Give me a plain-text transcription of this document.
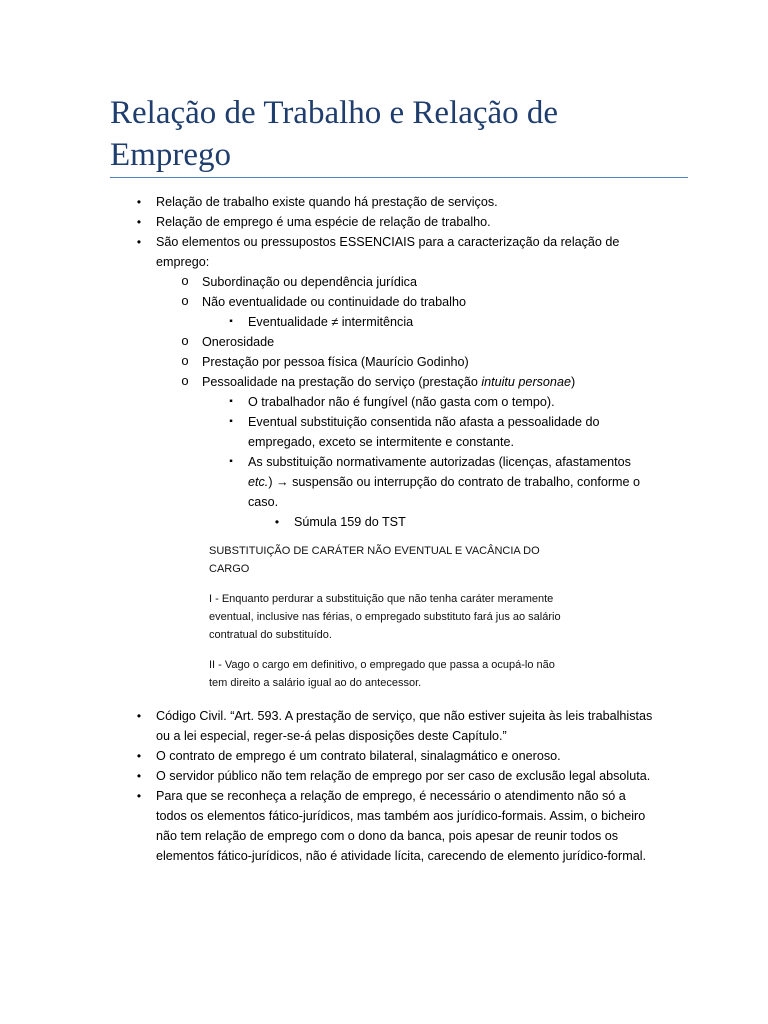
Relação de Trabalho e Relação de Emprego
•	Relação de trabalho existe quando há prestação de serviços.
•	Relação de emprego é uma espécie de relação de trabalho.
•	São elementos ou pressupostos ESSENCIAIS para a caracterização da relação de emprego:
o Subordinação ou dependência jurídica
o Não eventualidade ou continuidade do trabalho
▪	Eventualidade ≠ intermitência
o Onerosidade
o Prestação por pessoa física (Maurício Godinho)
o Pessoalidade na prestação do serviço (prestação intuitu personae)
▪	O trabalhador não é fungível (não gasta com o tempo).
▪	Eventual substituição consentida não afasta a pessoalidade do empregado, exceto se intermitente e constante.
▪	As substituição normativamente autorizadas (licenças, afastamentos etc.) → suspensão ou interrupção do contrato de trabalho, conforme o caso.
•	Súmula 159 do TST

SUBSTITUIÇÃO DE CARÁTER NÃO EVENTUAL E VACÂNCIA DO CARGO

I - Enquanto perdurar a substituição que não tenha caráter meramente eventual, inclusive nas férias, o empregado substituto fará jus ao salário contratual do substituído.

II - Vago o cargo em definitivo, o empregado que passa a ocupá-lo não tem direito a salário igual ao do antecessor.

•	Código Civil. “Art. 593. A prestação de serviço, que não estiver sujeita às leis trabalhistas ou a lei especial, reger-se-á pelas disposições deste Capítulo.”
•	O contrato de emprego é um contrato bilateral, sinalagmático e oneroso.
•	O servidor público não tem relação de emprego por ser caso de exclusão legal absoluta.
•	Para que se reconheça a relação de emprego, é necessário o atendimento não só a todos os elementos fático-jurídicos, mas também aos jurídico-formais. Assim, o bicheiro não tem relação de emprego com o dono da banca, pois apesar de reunir todos os elementos fático-jurídicos, não é atividade lícita, carecendo de elemento jurídico-formal.
